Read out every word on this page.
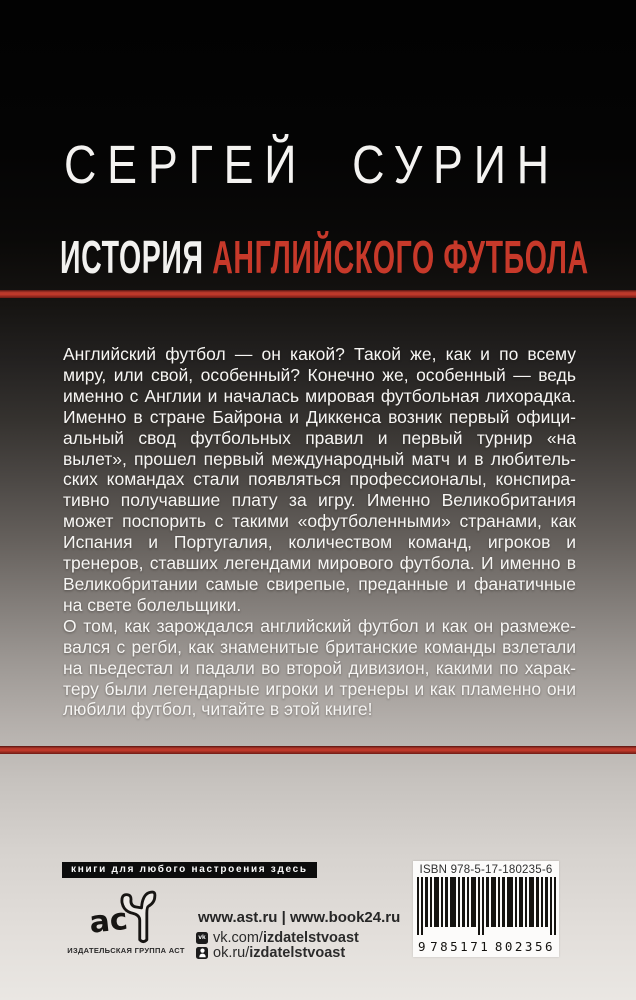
СЕРГЕЙ СУРИН
ИСТОРИЯ АНГЛИЙСКОГО ФУТБОЛА
Английский футбол — он какой? Такой же, как и по всему
миру, или свой, особенный? Конечно же, особенный — ведь
именно с Англии и началась мировая футбольная лихорадка.
Именно в стране Байрона и Диккенса возник первый офици-
альный свод футбольных правил и первый турнир «на
вылет», прошел первый международный матч и в любитель-
ских командах стали появляться профессионалы, конспира-
тивно получавшие плату за игру. Именно Великобритания
может поспорить с такими «офутболенными» странами, как
Испания и Португалия, количеством команд, игроков и
тренеров, ставших легендами мирового футбола. И именно в
Великобритании самые свирепые, преданные и фанатичные
на свете болельщики.
О том, как зарождался английский футбол и как он размеже-
вался с регби, как знаменитые британские команды взлетали
на пьедестал и падали во второй дивизион, какими по харак-
теру были легендарные игроки и тренеры и как пламенно они
любили футбол, читайте в этой книге!
книги для любого настроения здесь
ас
ИЗДАТЕЛЬСКАЯ ГРУППА АСТ
www.ast.ru | www.book24.ru
vk vk.com/izdatelstvoast
ok.ru/izdatelstvoast
ISBN 978-5-17-180235-6
9 785171 802356
